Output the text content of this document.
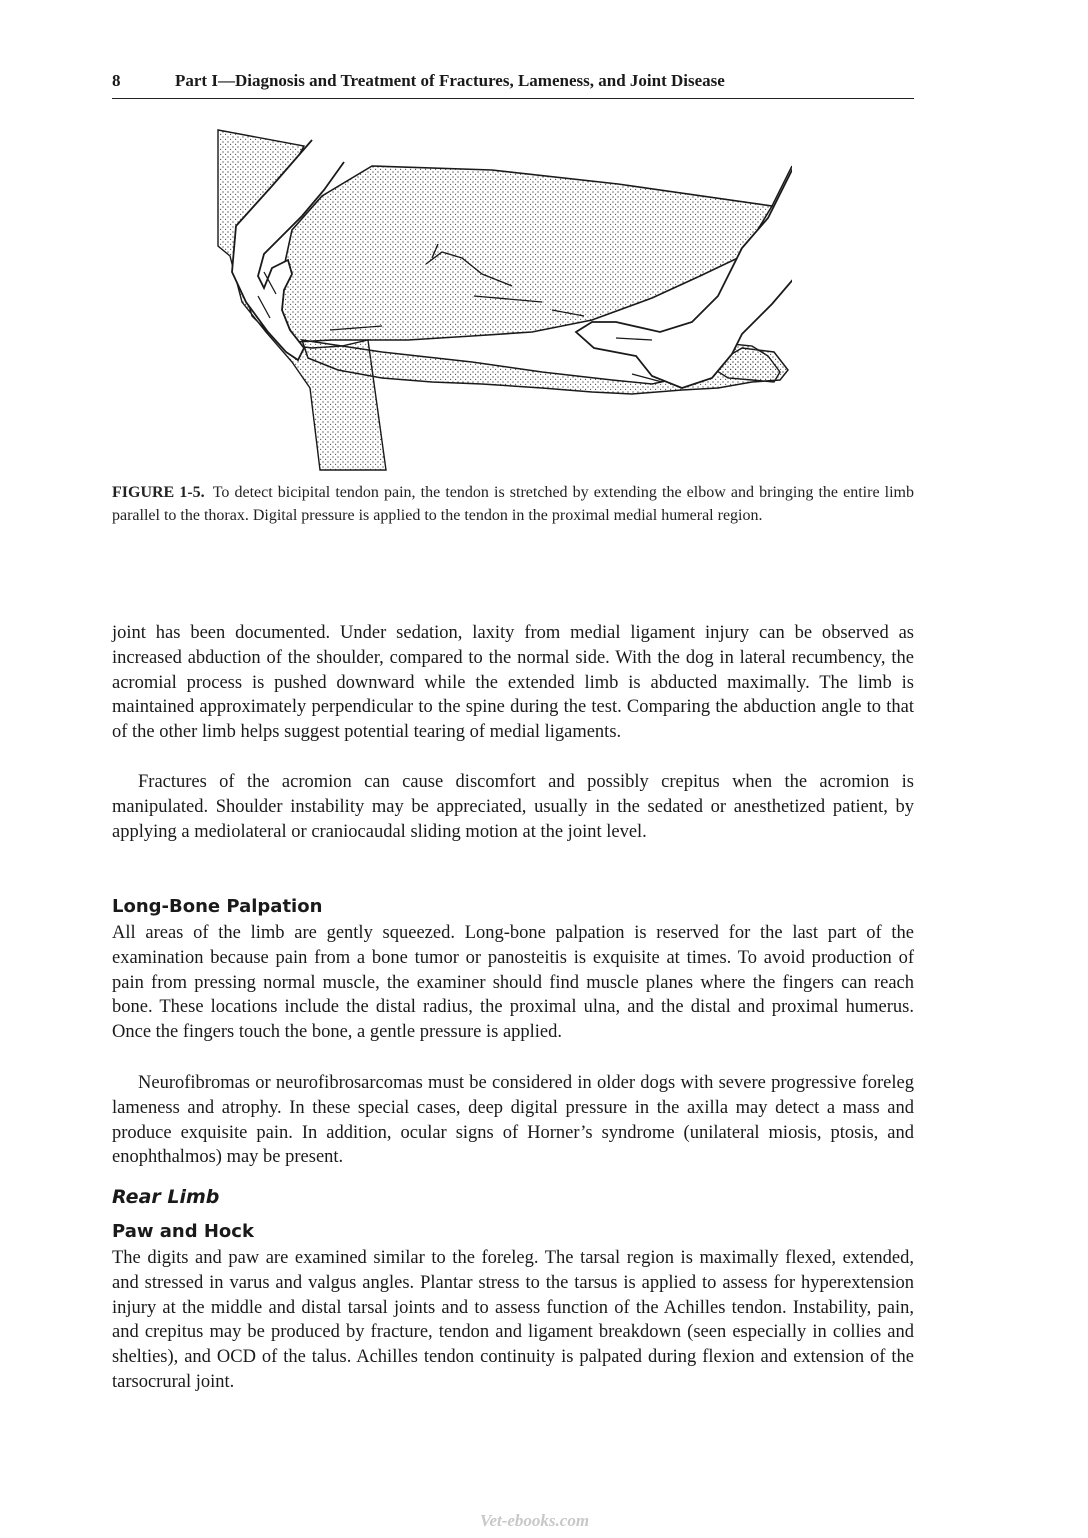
8	Part I—Diagnosis and Treatment of Fractures, Lameness, and Joint Disease
FIGURE 1-5. To detect bicipital tendon pain, the tendon is stretched by extending the elbow and bringing the entire limb parallel to the thorax. Digital pressure is applied to the tendon in the proximal medial humeral region.

joint has been documented. Under sedation, laxity from medial ligament injury can be observed as increased abduction of the shoulder, compared to the normal side. With the dog in lateral recumbency, the acromial process is pushed downward while the extended limb is abducted maximally. The limb is maintained approximately perpendicular to the spine during the test. Comparing the abduction angle to that of the other limb helps suggest potential tearing of medial ligaments.

Fractures of the acromion can cause discomfort and possibly crepitus when the acromion is manipulated. Shoulder instability may be appreciated, usually in the sedated or anesthetized patient, by applying a mediolateral or craniocaudal sliding motion at the joint level.

Long-Bone Palpation

All areas of the limb are gently squeezed. Long-bone palpation is reserved for the last part of the examination because pain from a bone tumor or panosteitis is exquisite at times. To avoid production of pain from pressing normal muscle, the examiner should find muscle planes where the fingers can reach bone. These locations include the distal radius, the proximal ulna, and the distal and proximal humerus. Once the fingers touch the bone, a gentle pressure is applied.

Neurofibromas or neurofibrosarcomas must be considered in older dogs with severe progressive foreleg lameness and atrophy. In these special cases, deep digital pressure in the axilla may detect a mass and produce exquisite pain. In addition, ocular signs of Horner’s syndrome (unilateral miosis, ptosis, and enophthalmos) may be present.

Rear Limb
Paw and Hock

The digits and paw are examined similar to the foreleg. The tarsal region is maximally flexed, extended, and stressed in varus and valgus angles. Plantar stress to the tarsus is applied to assess for hyperextension injury at the middle and distal tarsal joints and to assess function of the Achilles tendon. Instability, pain, and crepitus may be produced by fracture, tendon and ligament breakdown (seen especially in collies and shelties), and OCD of the talus. Achilles tendon continuity is palpated during flexion and extension of the tarsocrural joint.

Vet-ebooks.com
